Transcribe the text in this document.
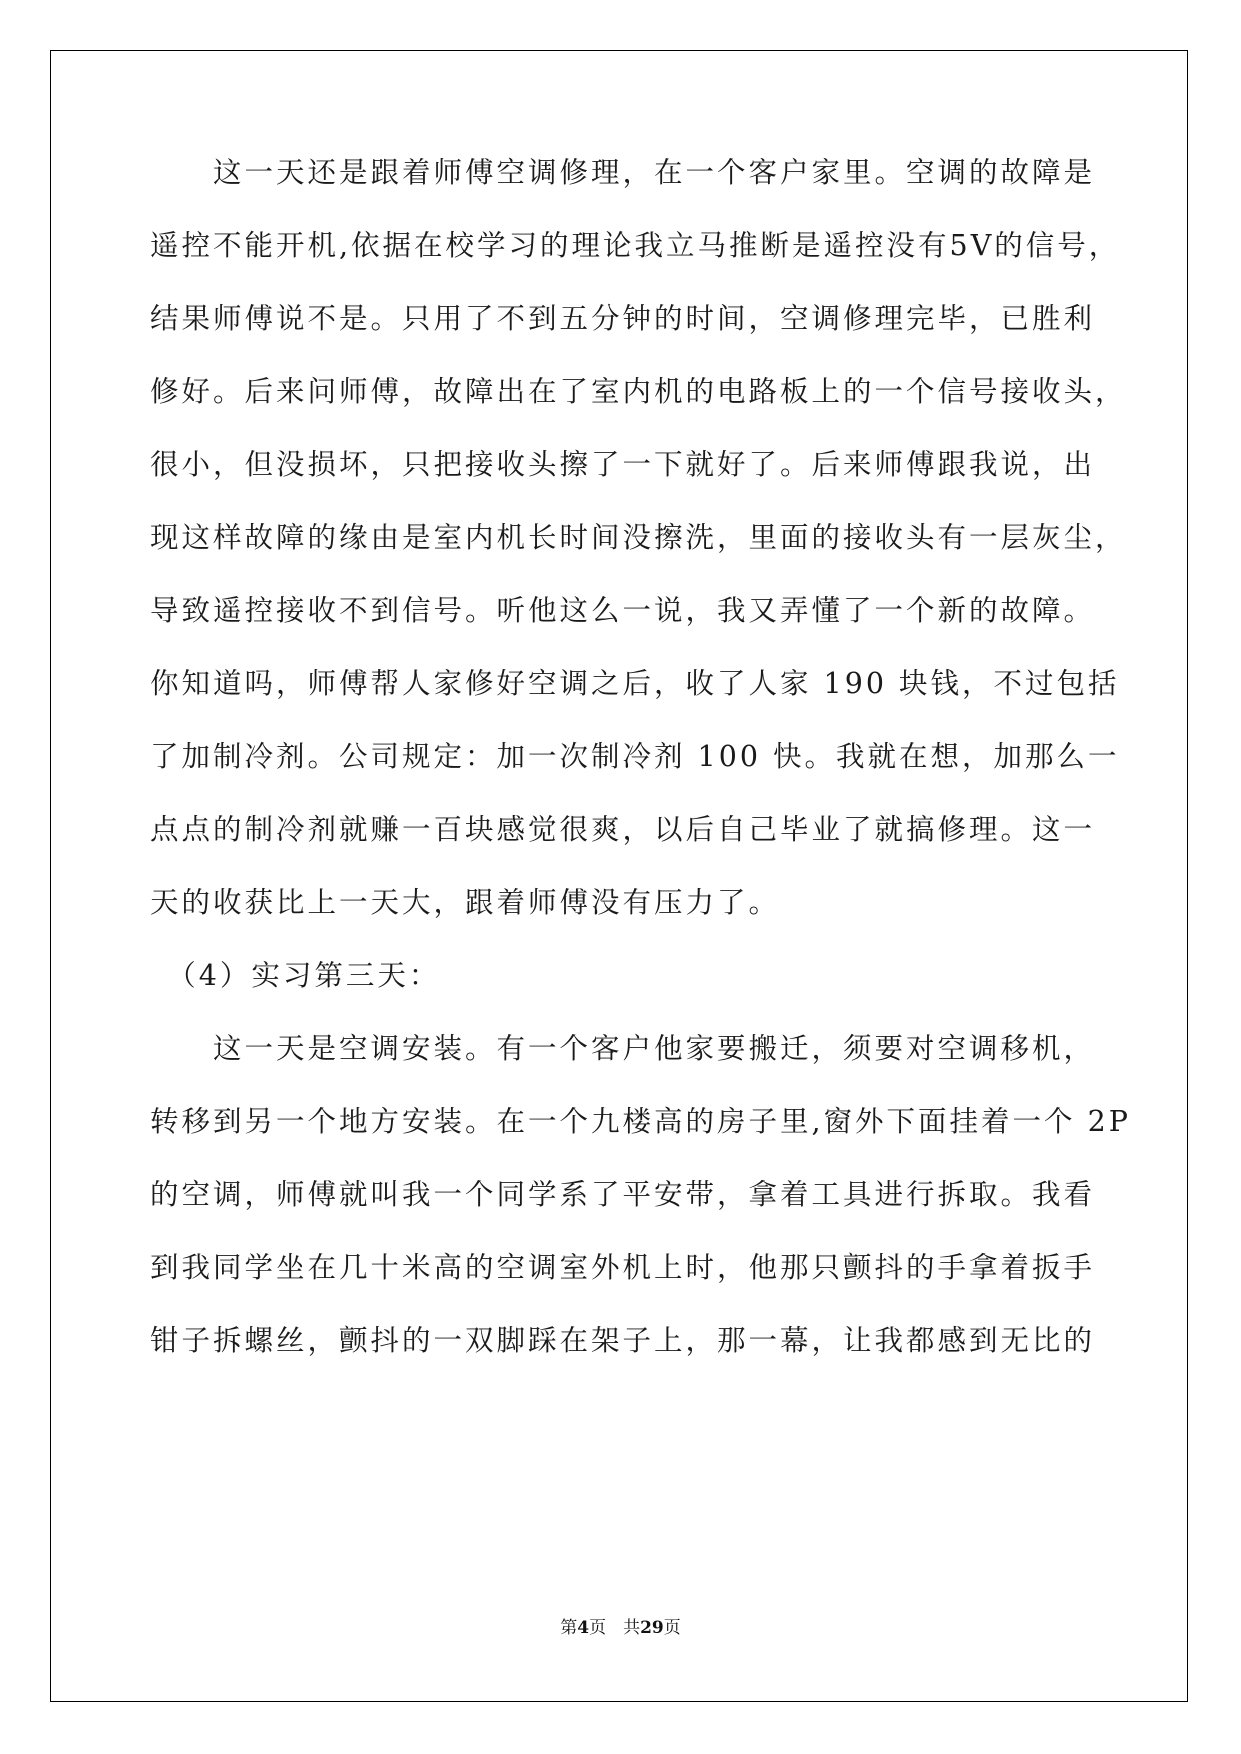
　　这一天还是跟着师傅空调修理，在一个客户家里。空调的故障是
遥控不能开机,依据在校学习的理论我立马推断是遥控没有5V的信号，
结果师傅说不是。只用了不到五分钟的时间，空调修理完毕，已胜利
修好。后来问师傅，故障出在了室内机的电路板上的一个信号接收头，
很小，但没损坏，只把接收头擦了一下就好了。后来师傅跟我说，出
现这样故障的缘由是室内机长时间没擦洗，里面的接收头有一层灰尘，
导致遥控接收不到信号。听他这么一说，我又弄懂了一个新的故障。
你知道吗，师傅帮人家修好空调之后，收了人家 190 块钱，不过包括
了加制冷剂。公司规定：加一次制冷剂 100 快。我就在想，加那么一
点点的制冷剂就赚一百块感觉很爽，以后自己毕业了就搞修理。这一
天的收获比上一天大，跟着师傅没有压力了。
　（4）实习第三天：
　　这一天是空调安装。有一个客户他家要搬迁，须要对空调移机，
转移到另一个地方安装。在一个九楼高的房子里,窗外下面挂着一个 2P
的空调，师傅就叫我一个同学系了平安带，拿着工具进行拆取。我看
到我同学坐在几十米高的空调室外机上时，他那只颤抖的手拿着扳手
钳子拆螺丝，颤抖的一双脚踩在架子上，那一幕，让我都感到无比的
第4页　共29页
